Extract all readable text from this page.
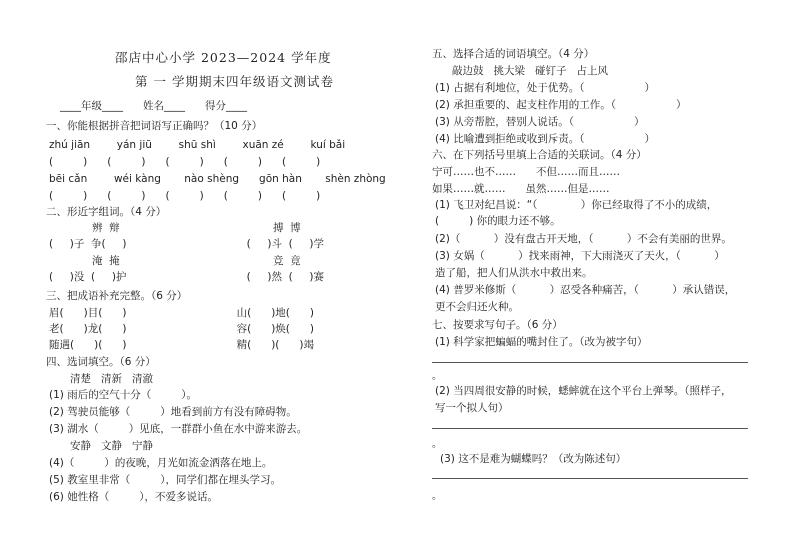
邵店中心小学 2023—2024 学年度
第 一 学期期末四年级语文测试卷
____年级____      姓名____      得分____
一、你能根据拼音把词语写正确吗？（10 分）
zhú jiān        yán jiū        shū shì        xuān zé        kuí bǎi
(         )      (         )      (         )      (         )      (         )
bēi cǎn        wéi kàng       nào shèng      gōn hàn       shèn zhòng
(         )      (         )      (         )      (         )      (         )
二、形近字组词。（4 分）
辨  辩	搏  博
(     )子  争(     )                                    (     )斗  (     )学
淹  掩	竞  竟
(     )没  (     )护                                    (     )然  (     )赛
三、把成语补充完整。（6 分）
眉(      )目(      )                                 山(      )地(      )
老(      )龙(      )                                 容(      )焕(      )
随遇(      )(      )                                 精(      )(      )竭
四、选词填空。（6 分）
清楚   清新   清澈
(1) 雨后的空气十分（         ）。
(2) 驾驶员能够（         ）地看到前方有没有障碍物。
(3) 湖水（         ）见底，一群群小鱼在水中游来游去。
安静   文静   宁静
(4)（         ）的夜晚，月光如流金洒落在地上。
(5) 教室里非常（         ），同学们都在埋头学习。
(6) 她性格（         ），不爱多说话。
五、选择合适的词语填空。（4 分）
敲边鼓   挑大梁   碰钉子   占上风
(1) 占据有利地位，处于优势。（                  ）
(2) 承担重要的、起支柱作用的工作。（                  ）
(3) 从旁帮腔，替别人说话。（                  ）
(4) 比喻遭到拒绝或收到斥责。（                  ）
六、在下列括号里填上合适的关联词。（4 分）
宁可……也不……      不但……而且……
如果……就……      虽然……但是……
(1) 飞卫对纪昌说：“（             ）你已经取得了不小的成绩，
(         ) 你的眼力还不够。
(2)（          ）没有盘古开天地，（          ）不会有美丽的世界。
(3) 女娲（          ）找来雨神，下大雨浇灭了天火，（          ）
造了船，把人们从洪水中救出来。
(4) 普罗米修斯（          ）忍受各种痛苦，（          ）承认错误，
更不会归还火种。
七、按要求写句子。（6 分）
(1) 科学家把蝙蝠的嘴封住了。（改为被字句）
。
(2) 当四周很安静的时候，蟋蟀就在这个平台上弹琴。（照样子，
写一个拟人句）
。
(3) 这不是难为蝴蝶吗？（改为陈述句）
。
